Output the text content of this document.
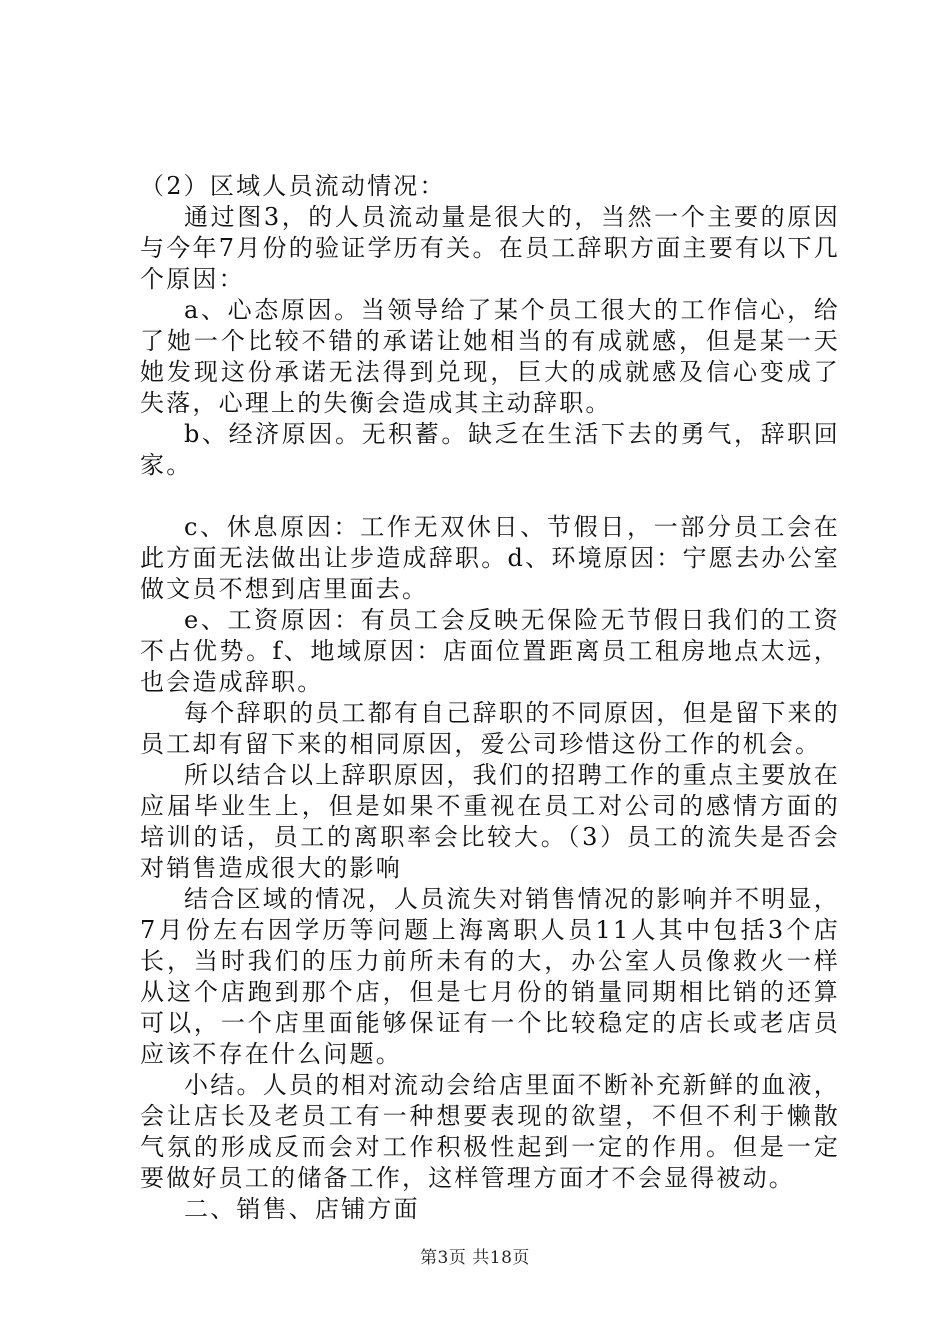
（2）区域人员流动情况：

通过图3，的人员流动量是很大的，当然一个主要的原因与今年7月份的验证学历有关。在员工辞职方面主要有以下几个原因：

a、心态原因。当领导给了某个员工很大的工作信心，给了她一个比较不错的承诺让她相当的有成就感，但是某一天她发现这份承诺无法得到兑现，巨大的成就感及信心变成了失落，心理上的失衡会造成其主动辞职。

b、经济原因。无积蓄。缺乏在生活下去的勇气，辞职回家。

c、休息原因：工作无双休日、节假日，一部分员工会在此方面无法做出让步造成辞职。d、环境原因：宁愿去办公室做文员不想到店里面去。

e、工资原因：有员工会反映无保险无节假日我们的工资不占优势。f、地域原因：店面位置距离员工租房地点太远，也会造成辞职。

每个辞职的员工都有自己辞职的不同原因，但是留下来的员工却有留下来的相同原因，爱公司珍惜这份工作的机会。

所以结合以上辞职原因，我们的招聘工作的重点主要放在应届毕业生上，但是如果不重视在员工对公司的感情方面的培训的话，员工的离职率会比较大。（3）员工的流失是否会对销售造成很大的影响

结合区域的情况，人员流失对销售情况的影响并不明显，7月份左右因学历等问题上海离职人员11人其中包括3个店长，当时我们的压力前所未有的大，办公室人员像救火一样从这个店跑到那个店，但是七月份的销量同期相比销的还算可以，一个店里面能够保证有一个比较稳定的店长或老店员应该不存在什么问题。

小结。人员的相对流动会给店里面不断补充新鲜的血液，会让店长及老员工有一种想要表现的欲望，不但不利于懒散气氛的形成反而会对工作积极性起到一定的作用。但是一定要做好员工的储备工作，这样管理方面才不会显得被动。

二、销售、店铺方面

第3页 共18页
